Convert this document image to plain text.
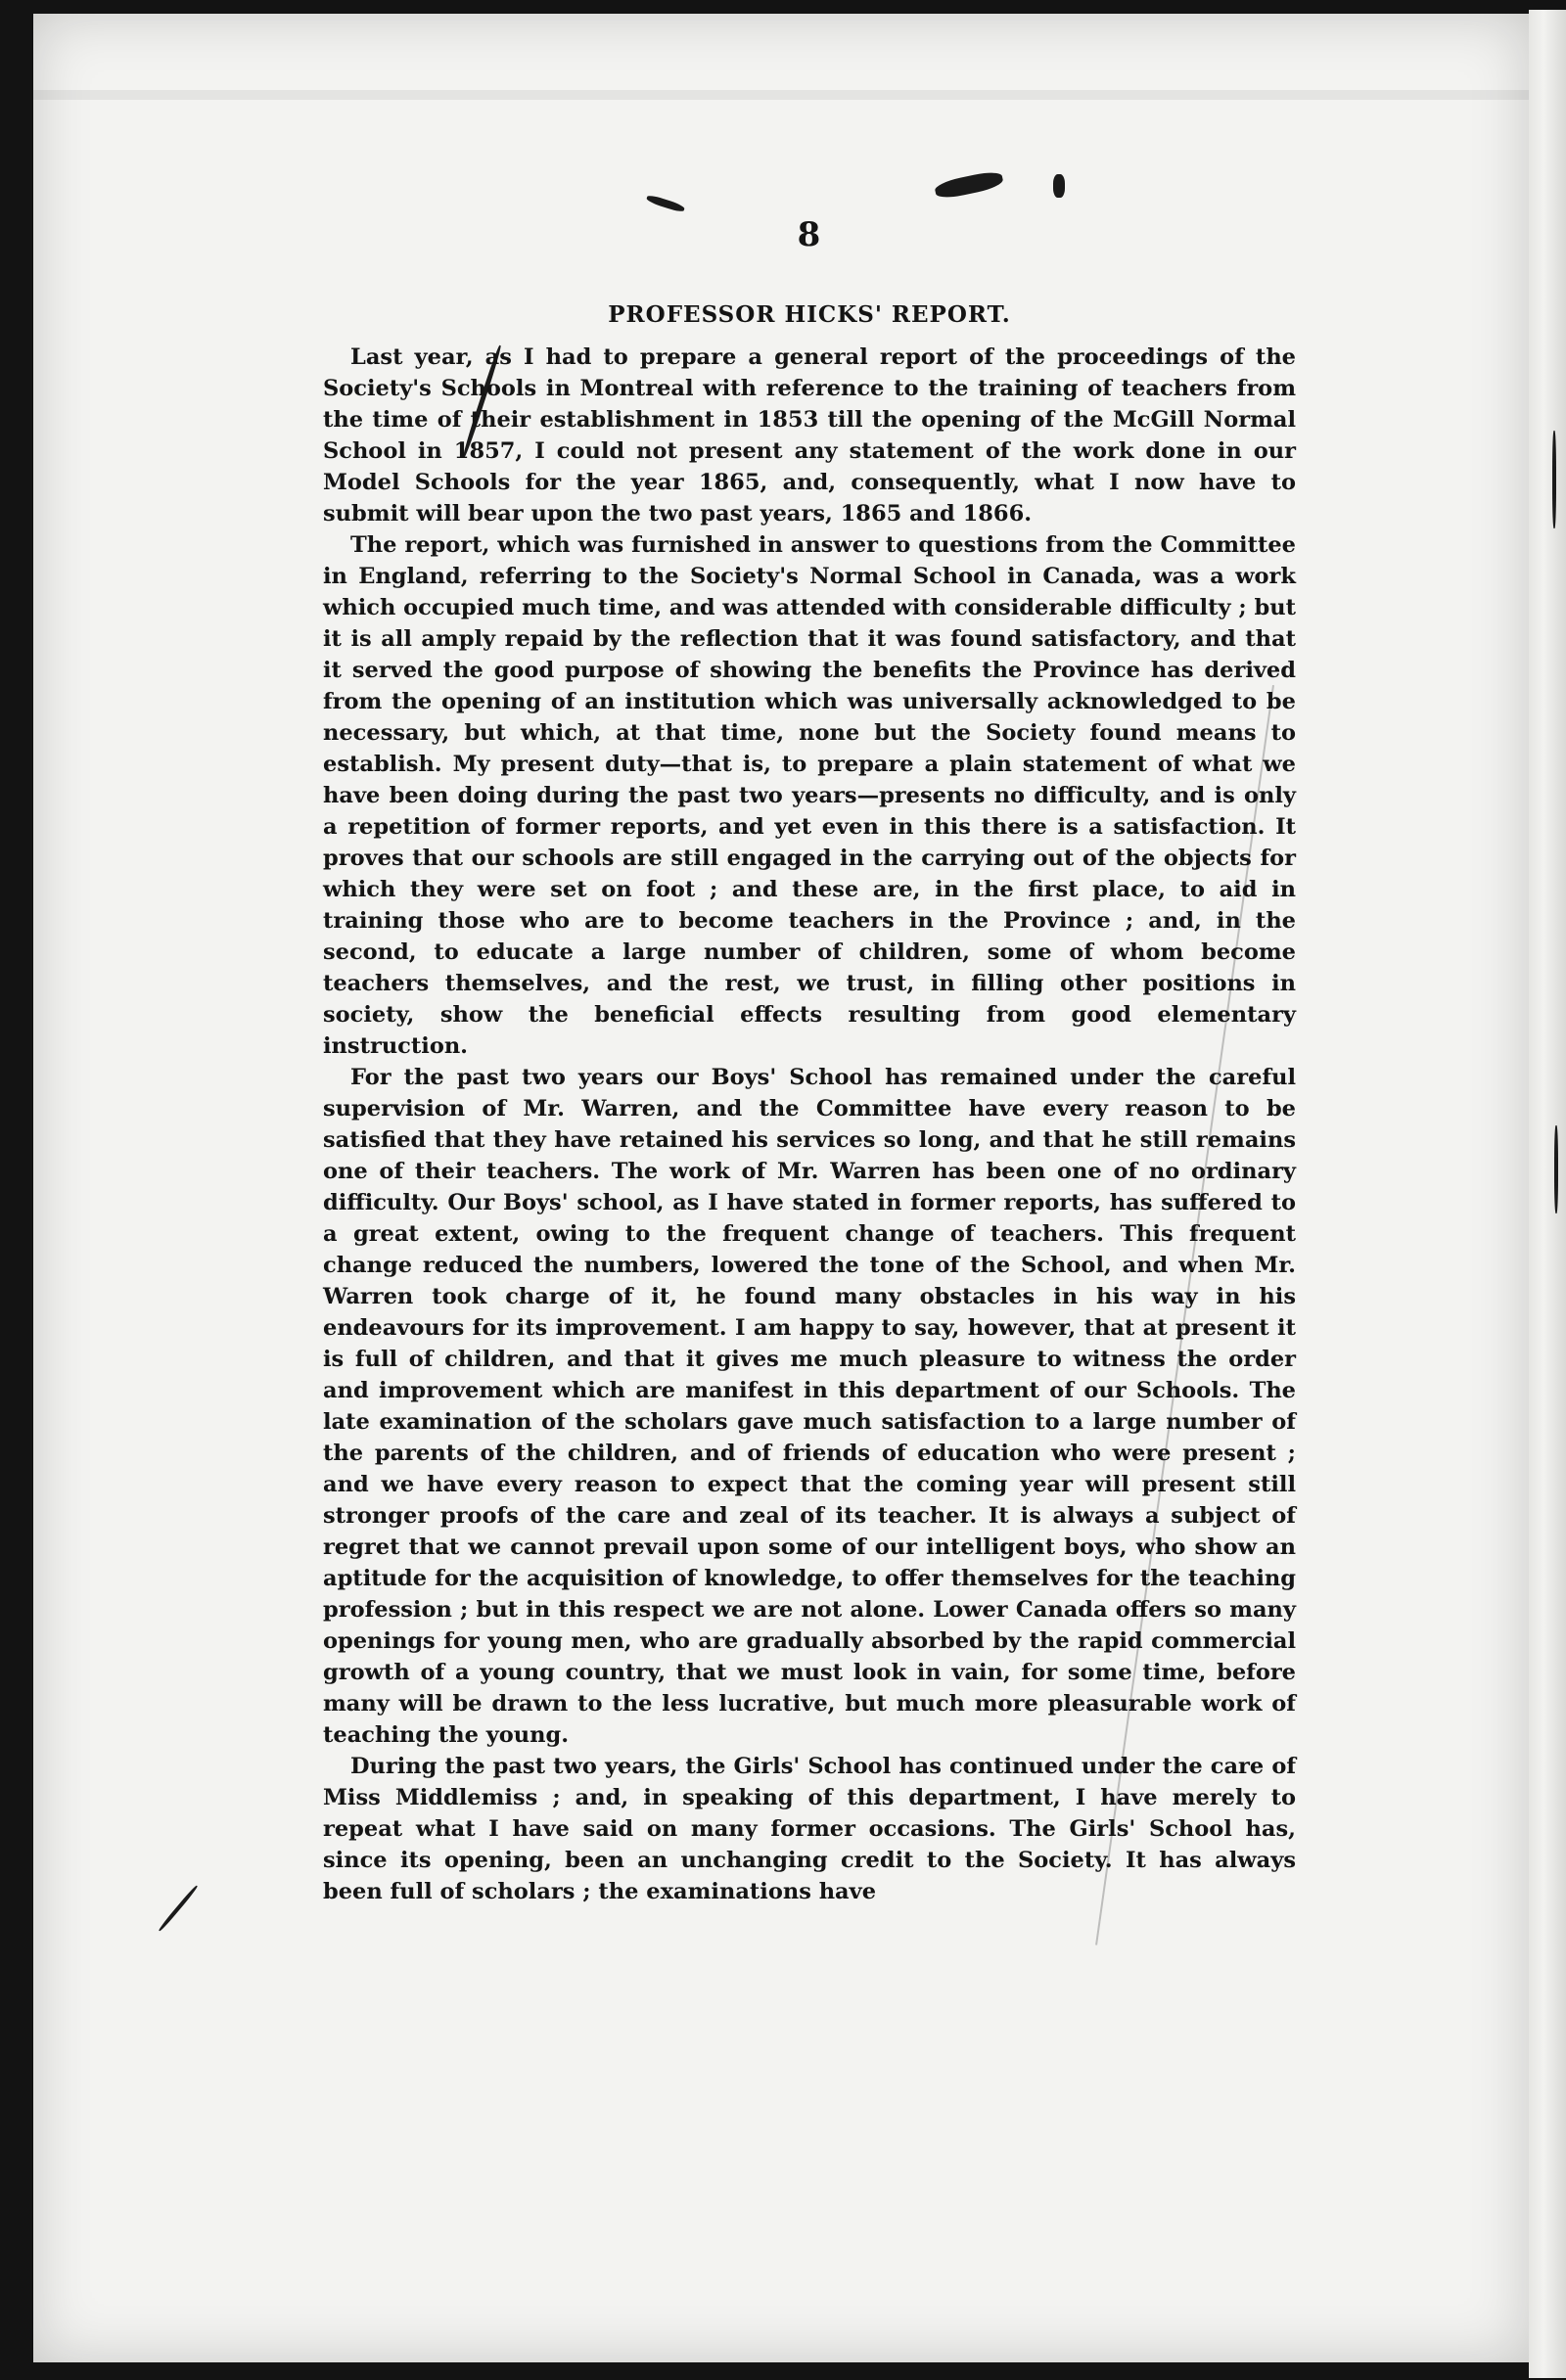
8
PROFESSOR HICKS' REPORT.

Last year, as I had to prepare a general report of the proceedings of the Society's Schools in Montreal with reference to the training of teachers from the time of their establishment in 1853 till the opening of the McGill Normal School in 1857, I could not present any statement of the work done in our Model Schools for the year 1865, and, consequently, what I now have to submit will bear upon the two past years, 1865 and 1866.

The report, which was furnished in answer to questions from the Committee in England, referring to the Society's Normal School in Canada, was a work which occupied much time, and was attended with considerable difficulty ; but it is all amply repaid by the reflection that it was found satisfactory, and that it served the good purpose of showing the benefits the Province has derived from the opening of an institution which was universally acknowledged to be necessary, but which, at that time, none but the Society found means to establish. My present duty—that is, to prepare a plain statement of what we have been doing during the past two years—presents no difficulty, and is only a repetition of former reports, and yet even in this there is a satisfaction. It proves that our schools are still engaged in the carrying out of the objects for which they were set on foot ; and these are, in the first place, to aid in training those who are to become teachers in the Province ; and, in the second, to educate a large number of children, some of whom become teachers themselves, and the rest, we trust, in filling other positions in society, show the beneficial effects resulting from good elementary instruction.

For the past two years our Boys' School has remained under the careful supervision of Mr. Warren, and the Committee have every reason to be satisfied that they have retained his services so long, and that he still remains one of their teachers. The work of Mr. Warren has been one of no ordinary difficulty. Our Boys' school, as I have stated in former reports, has suffered to a great extent, owing to the frequent change of teachers. This frequent change reduced the numbers, lowered the tone of the School, and when Mr. Warren took charge of it, he found many obstacles in his way in his endeavours for its improvement. I am happy to say, however, that at present it is full of children, and that it gives me much pleasure to witness the order and improvement which are manifest in this department of our Schools. The late examination of the scholars gave much satisfaction to a large number of the parents of the children, and of friends of education who were present ; and we have every reason to expect that the coming year will present still stronger proofs of the care and zeal of its teacher. It is always a subject of regret that we cannot prevail upon some of our intelligent boys, who show an aptitude for the acquisition of knowledge, to offer themselves for the teaching profession ; but in this respect we are not alone. Lower Canada offers so many openings for young men, who are gradually absorbed by the rapid commercial growth of a young country, that we must look in vain, for some time, before many will be drawn to the less lucrative, but much more pleasurable work of teaching the young.

During the past two years, the Girls' School has continued under the care of Miss Middlemiss ; and, in speaking of this department, I have merely to repeat what I have said on many former occasions. The Girls' School has, since its opening, been an unchanging credit to the Society. It has always been full of scholars ; the examinations have
